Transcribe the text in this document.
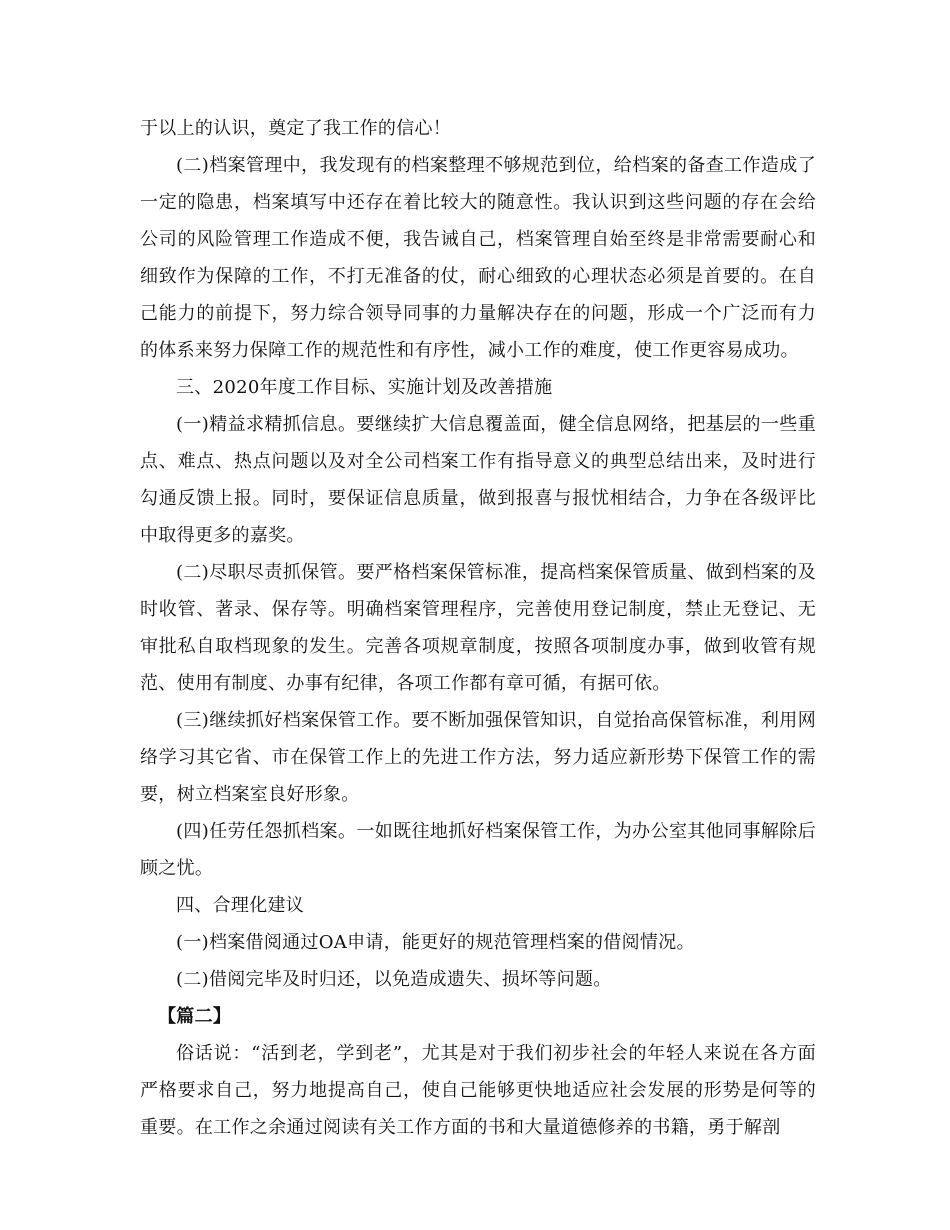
于以上的认识，奠定了我工作的信心！

(二)档案管理中，我发现有的档案整理不够规范到位，给档案的备查工作造成了一定的隐患，档案填写中还存在着比较大的随意性。我认识到这些问题的存在会给公司的风险管理工作造成不便，我告诫自己，档案管理自始至终是非常需要耐心和细致作为保障的工作，不打无准备的仗，耐心细致的心理状态必须是首要的。在自己能力的前提下，努力综合领导同事的力量解决存在的问题，形成一个广泛而有力的体系来努力保障工作的规范性和有序性，减小工作的难度，使工作更容易成功。

三、2020年度工作目标、实施计划及改善措施

(一)精益求精抓信息。要继续扩大信息覆盖面，健全信息网络，把基层的一些重点、难点、热点问题以及对全公司档案工作有指导意义的典型总结出来，及时进行勾通反馈上报。同时，要保证信息质量，做到报喜与报忧相结合，力争在各级评比中取得更多的嘉奖。

(二)尽职尽责抓保管。要严格档案保管标准，提高档案保管质量、做到档案的及时收管、著录、保存等。明确档案管理程序，完善使用登记制度，禁止无登记、无审批私自取档现象的发生。完善各项规章制度，按照各项制度办事，做到收管有规范、使用有制度、办事有纪律，各项工作都有章可循，有据可依。

(三)继续抓好档案保管工作。要不断加强保管知识，自觉抬高保管标准，利用网络学习其它省、市在保管工作上的先进工作方法，努力适应新形势下保管工作的需要，树立档案室良好形象。

(四)任劳任怨抓档案。一如既往地抓好档案保管工作，为办公室其他同事解除后顾之忧。

四、合理化建议

(一)档案借阅通过OA申请，能更好的规范管理档案的借阅情况。

(二)借阅完毕及时归还，以免造成遗失、损坏等问题。

【篇二】

俗话说：“活到老，学到老”，尤其是对于我们初步社会的年轻人来说在各方面严格要求自己，努力地提高自己，使自己能够更快地适应社会发展的形势是何等的重要。在工作之余通过阅读有关工作方面的书和大量道德修养的书籍，勇于解剖
